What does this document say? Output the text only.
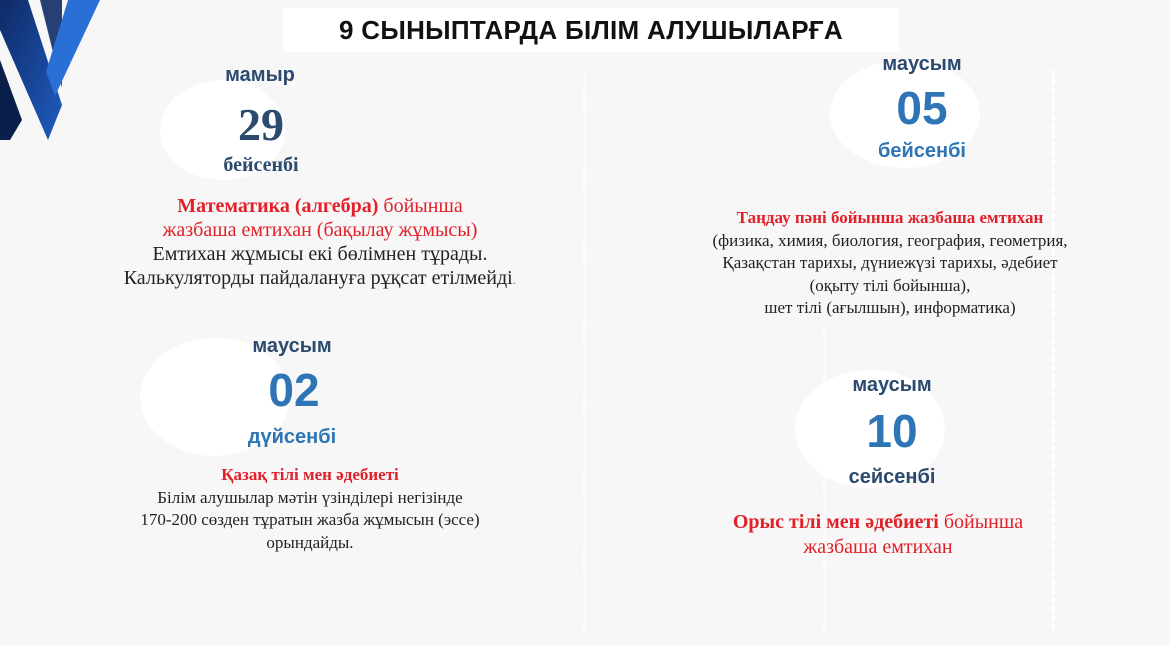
9 СЫНЫПТАРДА БІЛІМ АЛУШЫЛАРҒА
мамыр
29
бейсенбі
Математика (алгебра) бойынша
жазбаша емтихан (бақылау жұмысы)
Емтихан жұмысы екі бөлімнен тұрады.
Калькуляторды пайдалануға рұқсат етілмейді.
маусым
05
бейсенбі
Таңдау пәні бойынша жазбаша емтихан
(физика, химия, биология, география, геометрия,
Қазақстан тарихы, дүниежүзі тарихы, әдебиет
(оқыту тілі бойынша),
шет тілі (ағылшын), информатика)
маусым
02
дүйсенбі
Қазақ тілі мен әдебиеті
Білім алушылар мәтін үзінділері негізінде
170-200 сөзден тұратын жазба жұмысын (эссе)
орындайды.
маусым
10
сейсенбі
Орыс тілі мен әдебиеті бойынша
жазбаша емтихан
